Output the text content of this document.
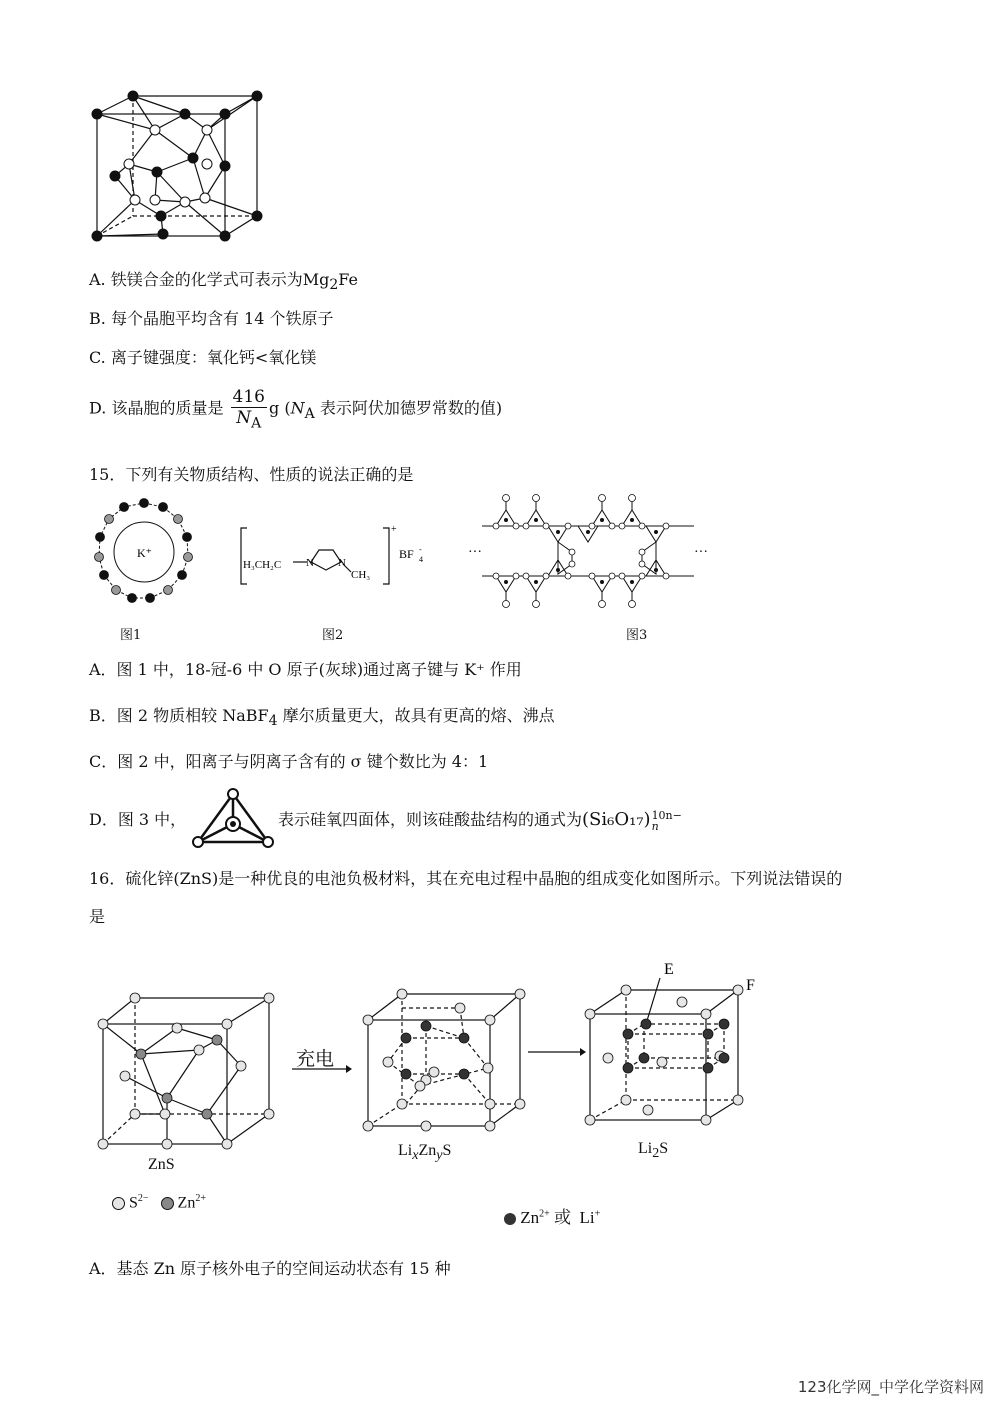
A. 铁镁合金的化学式可表示为$Mg_2Fe$
B. 每个晶胞平均含有 14 个铁原子
C. 离子键强度：氧化钙<氧化镁
D. 该晶胞的质量是 $\frac{416}{N_A}$ g ($N_A$ 表示阿伏加德罗常数的值)
15．下列有关物质结构、性质的说法正确的是
K⁺
图1
H₃CH₂C N N
CH₃
+
BF 4
-
图2
···	···
图3
A．图 1 中，18-冠-6 中 O 原子(灰球)通过离子键与 K⁺ 作用
B．图 2 物质相较 NaBF$_4$ 摩尔质量更大，故具有更高的熔、沸点
C．图 2 中，阳离子与阴离子含有的 σ 键个数比为 4：1
D．图 3 中，	表示硅氧四面体，则该硅酸盐结构的通式为(Si₆O₁₇) 10n−
n
16．硫化锌(ZnS)是一种优良的电池负极材料，其在充电过程中晶胞的组成变化如图所示。下列说法错误的
是
ZnS
充电
$Li_xZn_yS$
E
F
$Li_2S$
$S^{2-}$ $Zn^{2+}$
$Zn^{2+}$ 或 Li+
A．基态 Zn 原子核外电子的空间运动状态有 15 种
123化学网_中学化学资料网
